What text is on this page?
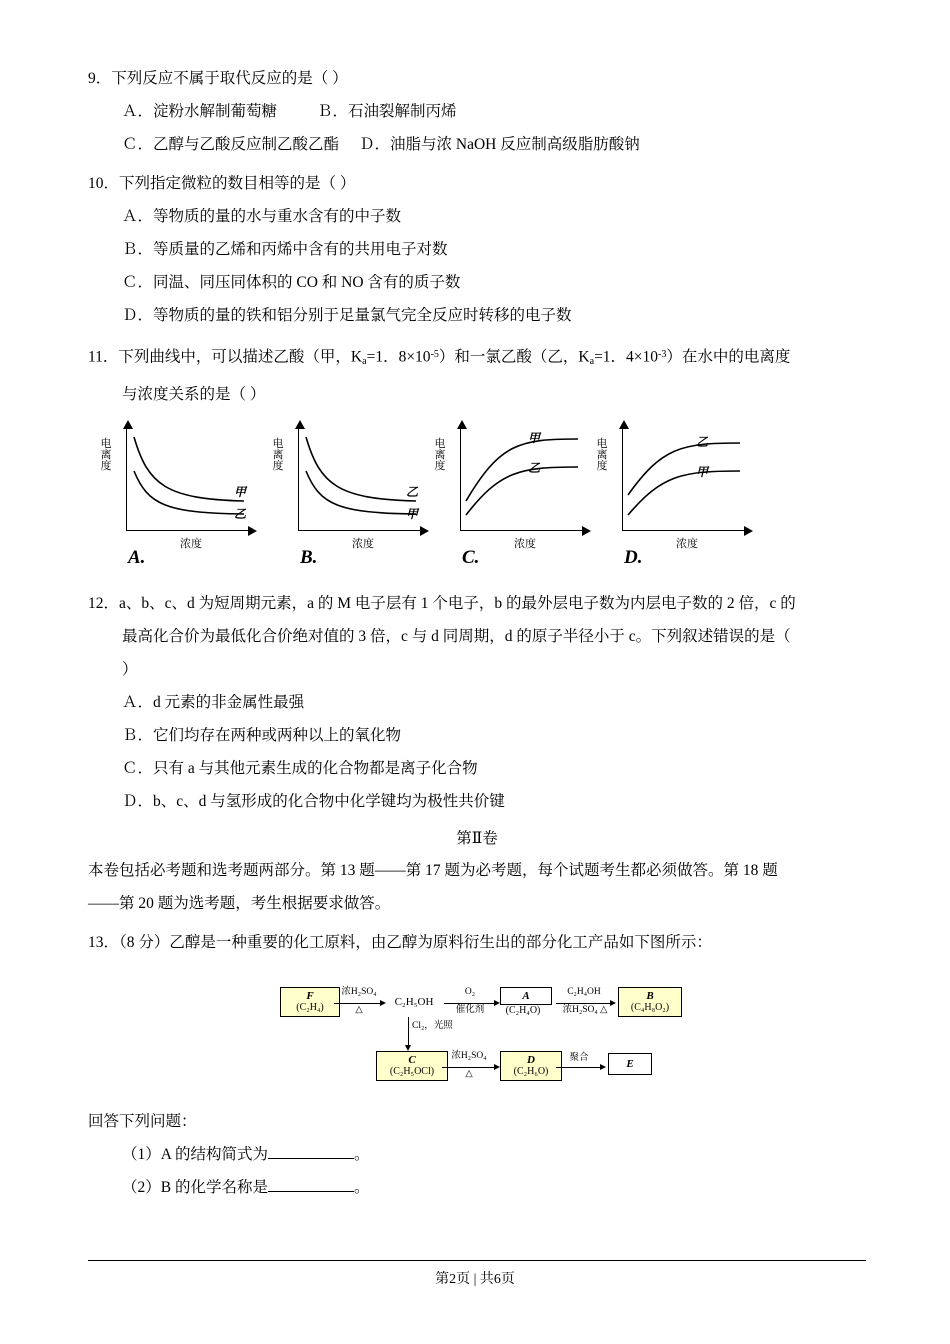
9．下列反应不属于取代反应的是（ ）
Ａ．淀粉水解制葡萄糖	Ｂ．石油裂解制丙烯
Ｃ．乙醇与乙酸反应制乙酸乙酯 Ｄ．油脂与浓 NaOH 反应制高级脂肪酸钠
10．下列指定微粒的数目相等的是（ ）
Ａ．等物质的量的水与重水含有的中子数
Ｂ．等质量的乙烯和丙烯中含有的共用电子对数
Ｃ．同温、同压同体积的 CO 和 NO 含有的质子数
Ｄ．等物质的量的铁和铝分别于足量氯气完全反应时转移的电子数
11．下列曲线中，可以描述乙酸（甲，$K_a=1$．$8\times 10^{-5}$）和一氯乙酸（乙，$K_a=1$．$4\times 10^{-3}$）在水中的电离度
与浓度关系的是（ ）
电离度
浓度
甲
乙
A.
电离度
浓度
乙
甲
B.
电离度
浓度
甲
乙
C.
电离度
浓度
乙
甲
D.
12．a、b、c、d 为短周期元素，a 的 M 电子层有 1 个电子，b 的最外层电子数为内层电子数的 2 倍，c 的
最高化合价为最低化合价绝对值的 3 倍，c 与 d 同周期，d 的原子半径小于 c。下列叙述错误的是（
）
Ａ．d 元素的非金属性最强
Ｂ．它们均存在两种或两种以上的氧化物
Ｃ．只有 a 与其他元素生成的化合物都是离子化合物
Ｄ．b、c、d 与氢形成的化合物中化学键均为极性共价键
第Ⅱ卷
本卷包括必考题和选考题两部分。第 13 题——第 17 题为必考题，每个试题考生都必须做答。第 18 题
——第 20 题为选考题，考生根据要求做答。
13．（8 分）乙醇是一种重要的化工原料，由乙醇为原料衍生出的部分化工产品如下图所示：
F
(C₂H₄)
浓H₂SO₄
△
C₂H₅OH
O₂
催化剂
A
(C₂H₄O)
C₂H₄OH
浓H₂SO₄ △
B
(C₄H₈O₂)
Cl₂，光照
C
(C₂H₅OCl)
浓H₂SO₄
△
D
(C₂H₆O)
聚合	E
回答下列问题：
（1）A 的结构简式为	。
（2）B 的化学名称是	。
第2页 | 共6页
